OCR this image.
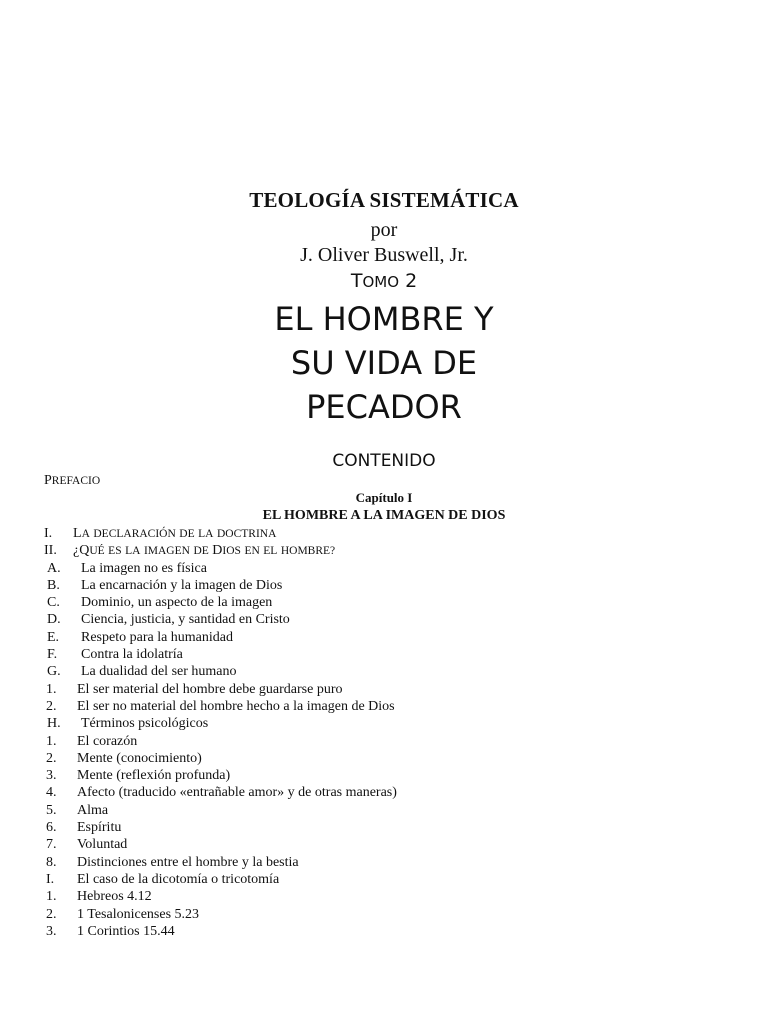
TEOLOGÍA SISTEMÁTICA
por
J. Oliver Buswell, Jr.
TOMO 2
EL HOMBRE Y
SU VIDA DE
PECADOR
CONTENIDO
PREFACIO
Capítulo I
EL HOMBRE A LA IMAGEN DE DIOS
I. LA DECLARACIÓN DE LA DOCTRINA
II. ¿QUÉ ES LA IMAGEN DE DIOS EN EL HOMBRE?
A. La imagen no es física
B. La encarnación y la imagen de Dios
C. Dominio, un aspecto de la imagen
D. Ciencia, justicia, y santidad en Cristo
E. Respeto para la humanidad
F. Contra la idolatría
G. La dualidad del ser humano
1. El ser material del hombre debe guardarse puro
2. El ser no material del hombre hecho a la imagen de Dios
H. Términos psicológicos
1. El corazón
2. Mente (conocimiento)
3. Mente (reflexión profunda)
4. Afecto (traducido «entrañable amor» y de otras maneras)
5. Alma
6. Espíritu
7. Voluntad
8. Distinciones entre el hombre y la bestia
I. El caso de la dicotomía o tricotomía
1. Hebreos 4.12
2. 1 Tesalonicenses 5.23
3. 1 Corintios 15.44
